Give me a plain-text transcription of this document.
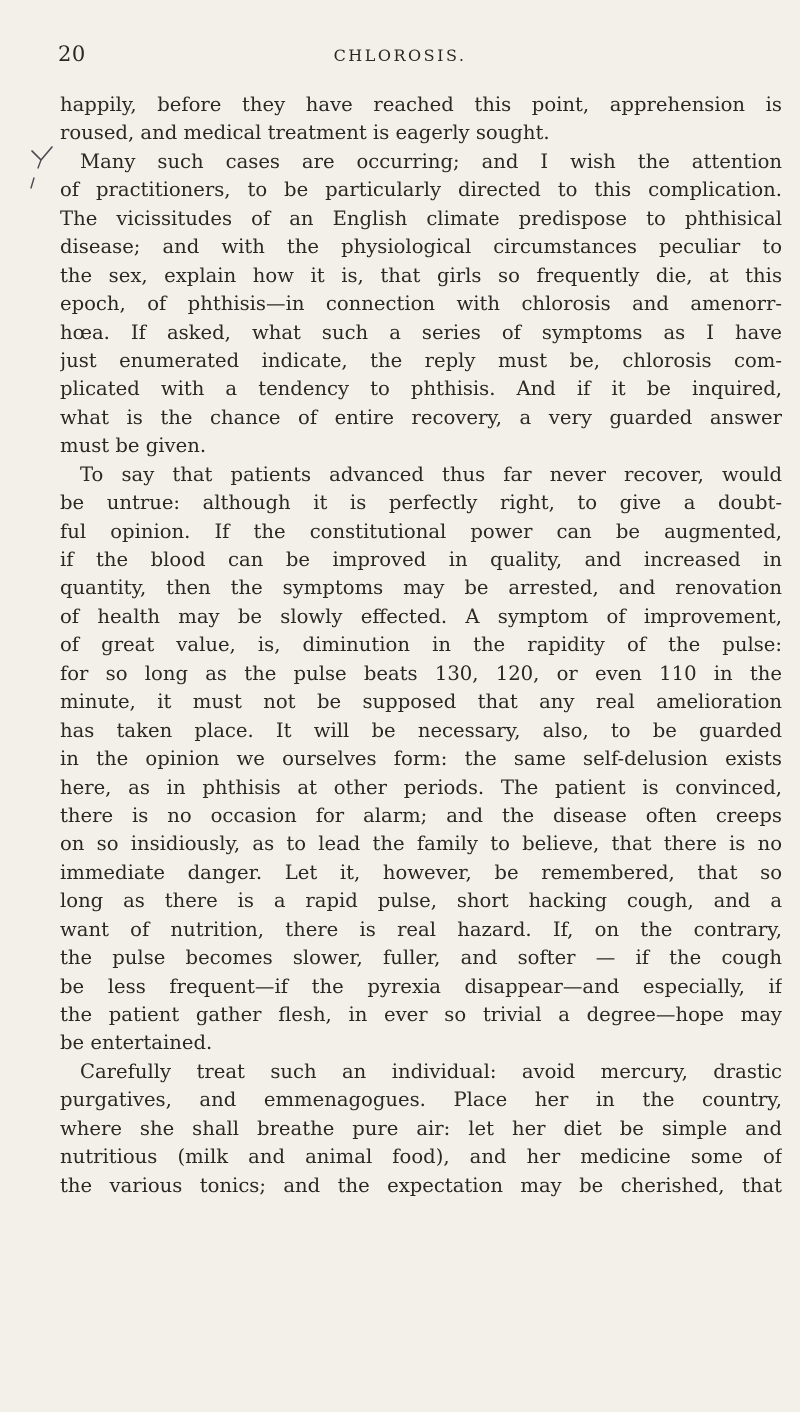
20	CHLOROSIS.
happily, before they have reached this point, apprehension is
roused, and medical treatment is eagerly sought.
Many such cases are occurring; and I wish the attention
of practitioners, to be particularly directed to this complication.
The vicissitudes of an English climate predispose to phthisical
disease; and with the physiological circumstances peculiar to
the sex, explain how it is, that girls so frequently die, at this
epoch, of phthisis—in connection with chlorosis and amenorr-
hœa. If asked, what such a series of symptoms as I have
just enumerated indicate, the reply must be, chlorosis com-
plicated with a tendency to phthisis. And if it be inquired,
what is the chance of entire recovery, a very guarded answer
must be given.
To say that patients advanced thus far never recover, would
be untrue: although it is perfectly right, to give a doubt-
ful opinion. If the constitutional power can be augmented,
if the blood can be improved in quality, and increased in
quantity, then the symptoms may be arrested, and renovation
of health may be slowly effected. A symptom of improvement,
of great value, is, diminution in the rapidity of the pulse:
for so long as the pulse beats 130, 120, or even 110 in the
minute, it must not be supposed that any real amelioration
has taken place. It will be necessary, also, to be guarded
in the opinion we ourselves form: the same self-delusion exists
here, as in phthisis at other periods. The patient is convinced,
there is no occasion for alarm; and the disease often creeps
on so insidiously, as to lead the family to believe, that there is no
immediate danger. Let it, however, be remembered, that so
long as there is a rapid pulse, short hacking cough, and a
want of nutrition, there is real hazard. If, on the contrary,
the pulse becomes slower, fuller, and softer — if the cough
be less frequent—if the pyrexia disappear—and especially, if
the patient gather flesh, in ever so trivial a degree—hope may
be entertained.
Carefully treat such an individual: avoid mercury, drastic
purgatives, and emmenagogues. Place her in the country,
where she shall breathe pure air: let her diet be simple and
nutritious (milk and animal food), and her medicine some of
the various tonics; and the expectation may be cherished, that
